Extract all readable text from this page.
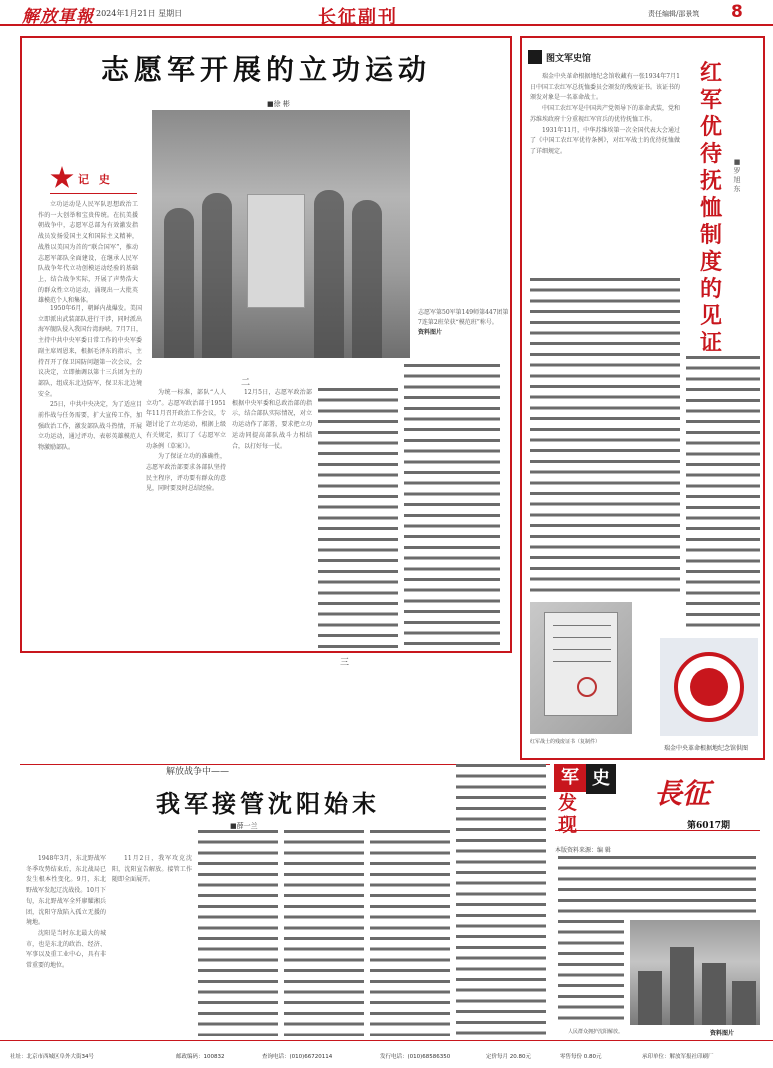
解放軍報 2024年1月21日 星期日	长征副刊	责任编辑/邵景筑 8
志愿军开展的立功运动
■徐 彬
记 史

立功运动是人民军队思想政治工作的一大创举和宝贵传统。在抗美援朝战争中，志愿军总部为有效激发指战员发扬爱国主义和国际主义精神，战胜以美国为首的“联合国军”，推动志愿军部队全面建设，在继承人民军队战争年代立功创模运动经验的基础上，结合战争实际，开展了声势浩大的群众性立功运动，涌现出一大批英雄模范个人和集体。

1950年6月，朝鲜内战爆发。美国立即派出武装部队进行干涉，同时派出海军舰队侵入我国台湾海峡。7月7日，主持中共中央军委日常工作的中央军委副主席周恩来，根据毛泽东的指示，主持召开了保卫国防问题第一次会议，会议决定，立即抽调以第十三兵团为主的部队，组成东北边防军，保卫东北边境安全。

25日，中共中央决定，为了适应目前作战与任务需要，扩大宣传工作，加强政治工作，激发部队战斗热情，开展立功运动，通过评功、表彰英雄模范人物激励部队。

志愿军第50军第149师第447团第7连第2班荣获“模范班”称号。
资料图片
二

为统一标准，部队“人人立功”。志愿军政治部于1951年11月召开政治工作会议，专题讨论了立功运动，根据上级有关规定，拟订了《志愿军立功条例（草案）》。

为了保证立功的准确性，志愿军政治部要求各部队坚持民主程序，评功要有群众的意见，同时要及时总结经验。

12月5日，志愿军政治部根据中央军委和总政治部的指示，结合部队实际情况，对立功运动作了部署，要求把立功运动同提高部队战斗力相结合，以打好每一仗。

三
图文军史馆
红军优待抚恤制度的见证
■罗旭东

瑞金中央革命根据地纪念馆收藏有一张1934年7月1日中国工农红军总抚恤委员会颁发的残废证书。该证书的颁发对象是一名革命战士。

中国工农红军是中国共产党领导下的革命武装，党和苏维埃政府十分重视红军官兵的优待抚恤工作。

1931年11月，中华苏维埃第一次全国代表大会通过了《中国工农红军优待条例》，对红军战士的优待抚恤做了详细规定。

红军战士的残废证书（复制件）
瑞金中央革命根据地纪念馆供图
解放战争中——
我军接管沈阳始末
■薛一兰

1948年3月，东北野战军冬季攻势结束后，东北战局已发生根本性变化。9月，东北野战军发起辽沈战役。10月下旬，东北野战军全歼廖耀湘兵团，沈阳守敌陷入孤立无援的境地。

沈阳是当时东北最大的城市，也是东北的政治、经济、军事以及重工业中心，具有非常重要的地位。

11月2日，我军攻克沈阳，沈阳宣告解放。接管工作随即全面展开。

军 史
发
现
長征
第6017期
本版资料来源：编 辑
人民群众拥护沈阳解放。	资料图片
社址：北京市西城区阜外大街34号	邮政编码：100832	查询电话：(010)66720114	发行电话：(010)68586350	定价每月 20.80元	零售每份 0.80元	承印单位：解放军报社印刷厂
